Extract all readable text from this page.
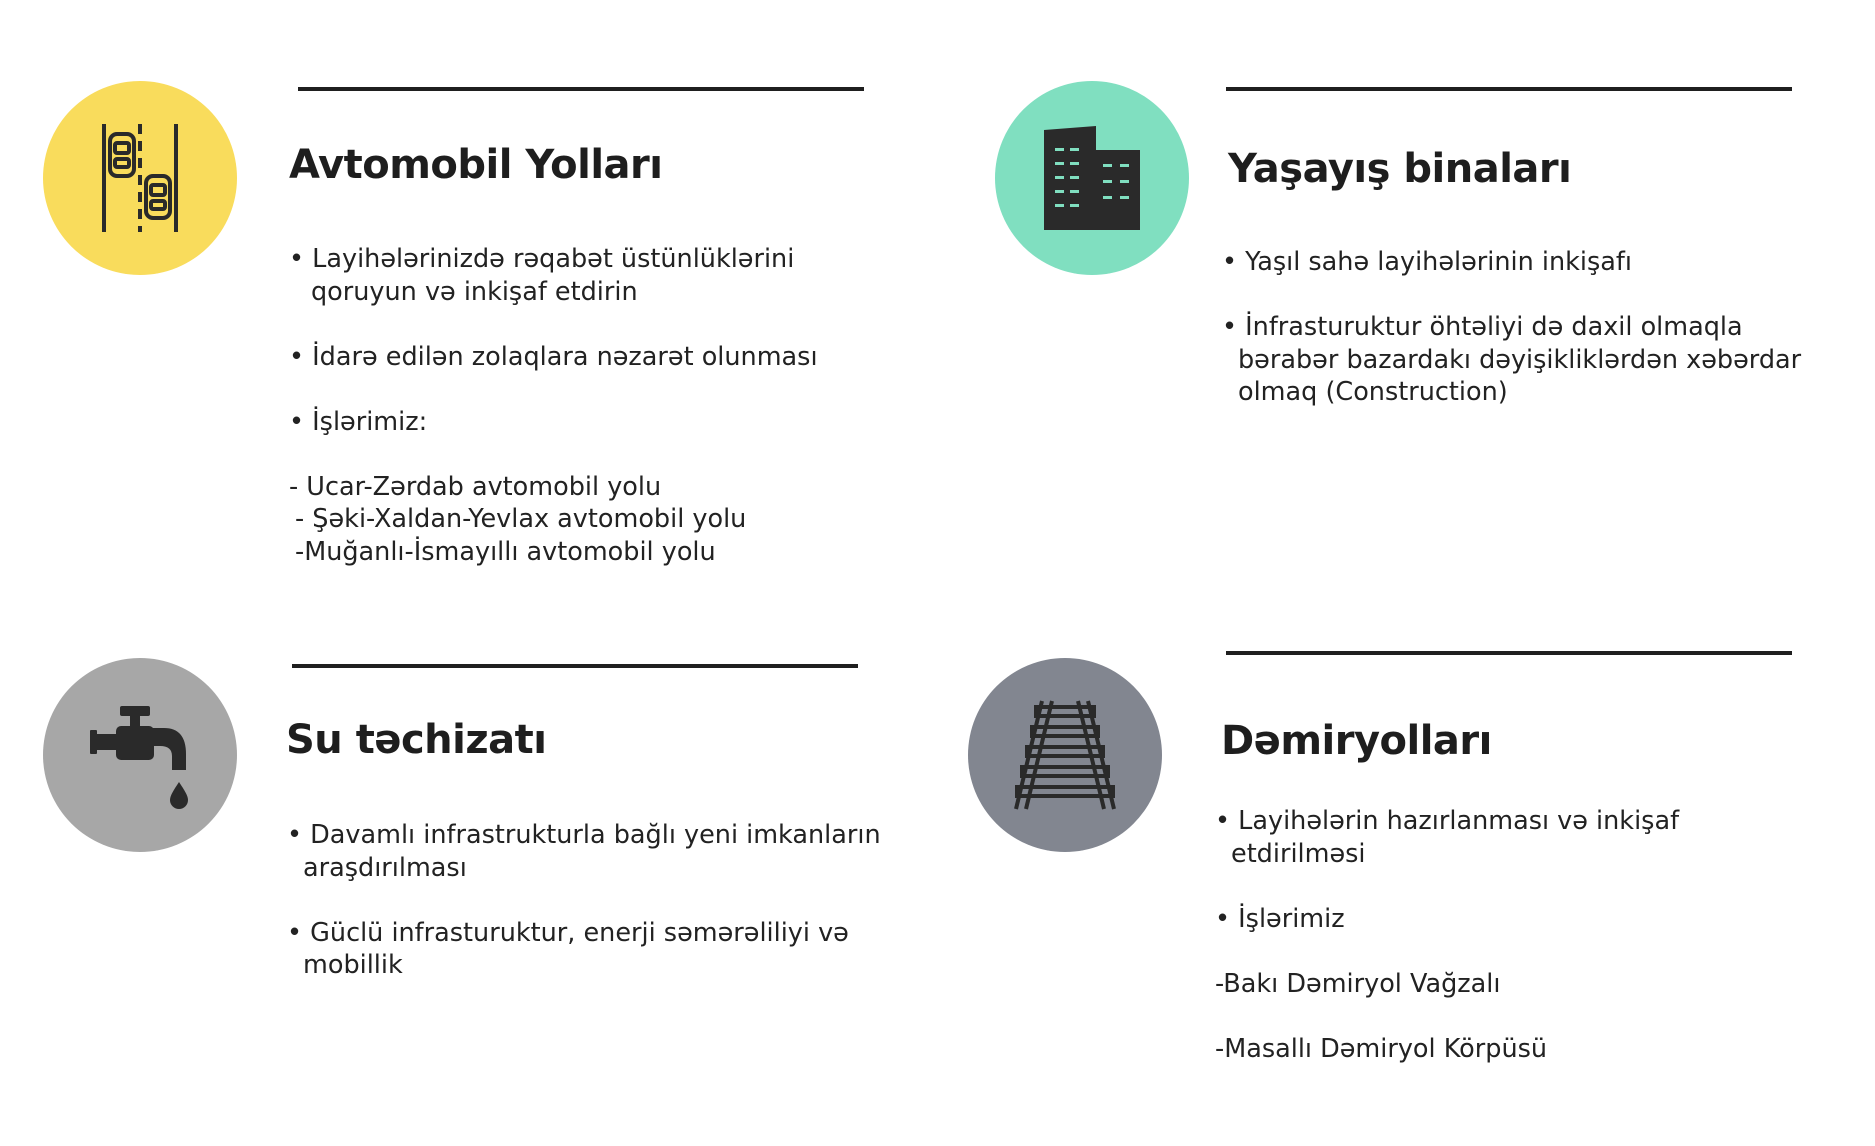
Avtomobil Yolları
• Layihələrinizdə rəqabət üstünlüklərini
qoruyun və inkişaf etdirin
• İdarə edilən zolaqlara nəzarət olunması
• İşlərimiz:
- Ucar-Zərdab avtomobil yolu
- Şəki-Xaldan-Yevlax avtomobil yolu
-Muğanlı-İsmayıllı avtomobil yolu
Yaşayış binaları
• Yaşıl sahə layihələrinin inkişafı
• İnfrasturuktur öhtəliyi də daxil olmaqla
bərabər bazardakı dəyişikliklərdən xəbərdar
olmaq (Construction)
Su təchizatı
• Davamlı infrastrukturla bağlı yeni imkanların
araşdırılması
• Güclü infrasturuktur, enerji səmərəliliyi və
mobillik
Dəmiryolları
• Layihələrin hazırlanması və inkişaf
etdirilməsi
• İşlərimiz
-Bakı Dəmiryol Vağzalı
-Masallı Dəmiryol Körpüsü
